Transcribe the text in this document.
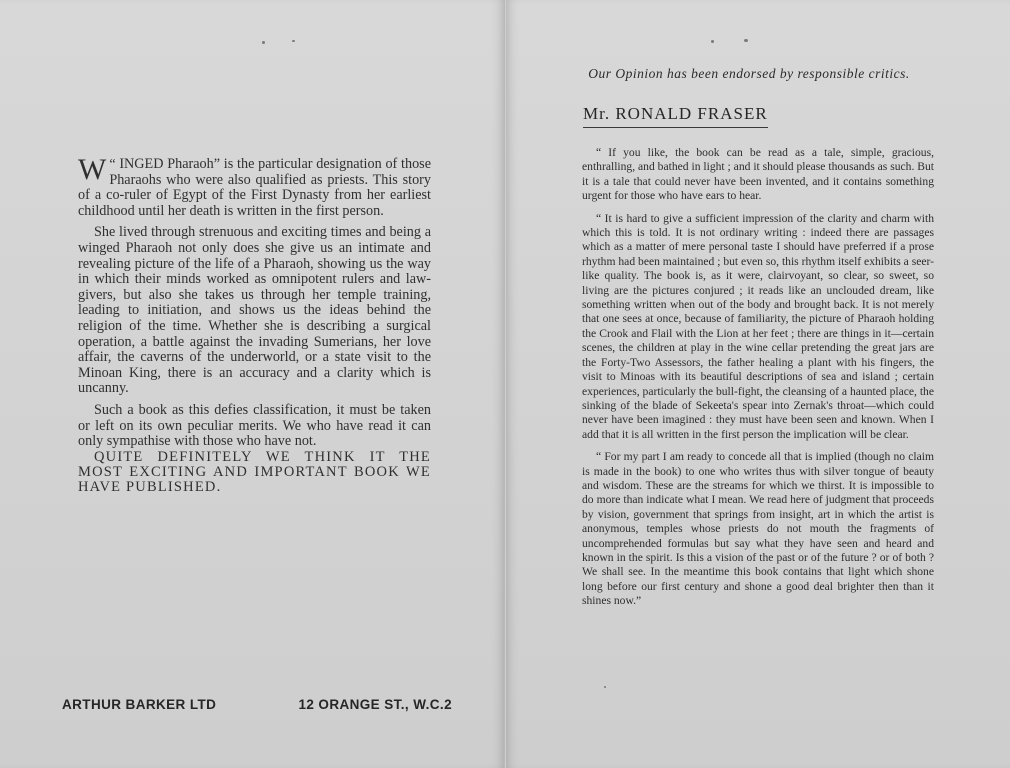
“
W INGED Pharaoh” is the particular designation of those Pharaohs who were also qualified as priests. This story of a co-ruler of Egypt of the First Dynasty from her earliest childhood until her death is written in the first person.

She lived through strenuous and exciting times and being a winged Pharaoh not only does she give us an intimate and revealing picture of the life of a Pharaoh, showing us the way in which their minds worked as omnipotent rulers and law-givers, but also she takes us through her temple training, leading to initiation, and shows us the ideas behind the religion of the time. Whether she is describing a surgical operation, a battle against the invading Sumerians, her love affair, the caverns of the underworld, or a state visit to the Minoan King, there is an accuracy and a clarity which is uncanny.

Such a book as this defies classification, it must be taken or left on its own peculiar merits. We who have read it can only sympathise with those who have not.
QUITE DEFINITELY WE THINK IT THE MOST EXCITING AND IMPORTANT BOOK WE HAVE PUBLISHED.

ARTHUR BARKER LTD	12 ORANGE ST., W.C.2
Our Opinion has been endorsed by responsible critics.
Mr. RONALD FRASER

“ If you like, the book can be read as a tale, simple, gracious, enthralling, and bathed in light ; and it should please thousands as such. But it is a tale that could never have been invented, and it contains something urgent for those who have ears to hear.

“ It is hard to give a sufficient impression of the clarity and charm with which this is told. It is not ordinary writing : indeed there are passages which as a matter of mere personal taste I should have preferred if a prose rhythm had been maintained ; but even so, this rhythm itself exhibits a seer-like quality. The book is, as it were, clairvoyant, so clear, so sweet, so living are the pictures conjured ; it reads like an unclouded dream, like something written when out of the body and brought back. It is not merely that one sees at once, because of familiarity, the picture of Pharaoh holding the Crook and Flail with the Lion at her feet ; there are things in it—certain scenes, the children at play in the wine cellar pretending the great jars are the Forty-Two Assessors, the father healing a plant with his fingers, the visit to Minoas with its beautiful descriptions of sea and island ; certain experiences, particularly the bull-fight, the cleansing of a haunted place, the sinking of the blade of Sekeeta's spear into Zernak's throat—which could never have been imagined : they must have been seen and known. When I add that it is all written in the first person the implication will be clear.

“ For my part I am ready to concede all that is implied (though no claim is made in the book) to one who writes thus with silver tongue of beauty and wisdom. These are the streams for which we thirst. It is impossible to do more than indicate what I mean. We read here of judgment that proceeds by vision, government that springs from insight, art in which the artist is anonymous, temples whose priests do not mouth the fragments of uncomprehended formulas but say what they have seen and heard and known in the spirit. Is this a vision of the past or of the future ? or of both ? We shall see. In the meantime this book contains that light which shone long before our first century and shone a good deal brighter then than it shines now.”
